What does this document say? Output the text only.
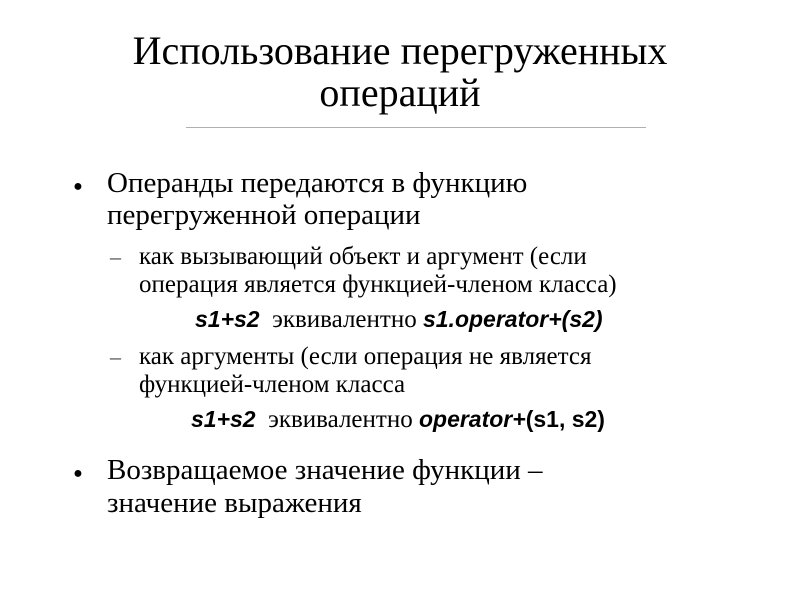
Использование перегруженных
операций
● Операнды передаются в функцию
перегруженной операции
– как вызывающий объект и аргумент (если
операция является функцией-членом класса)
s1+s2 эквивалентно s1.operator+(s2)
– как аргументы (если операция не является
функцией-членом класса
s1+s2 эквивалентно operator+(s1, s2)
● Возвращаемое значение функции –
значение выражения
